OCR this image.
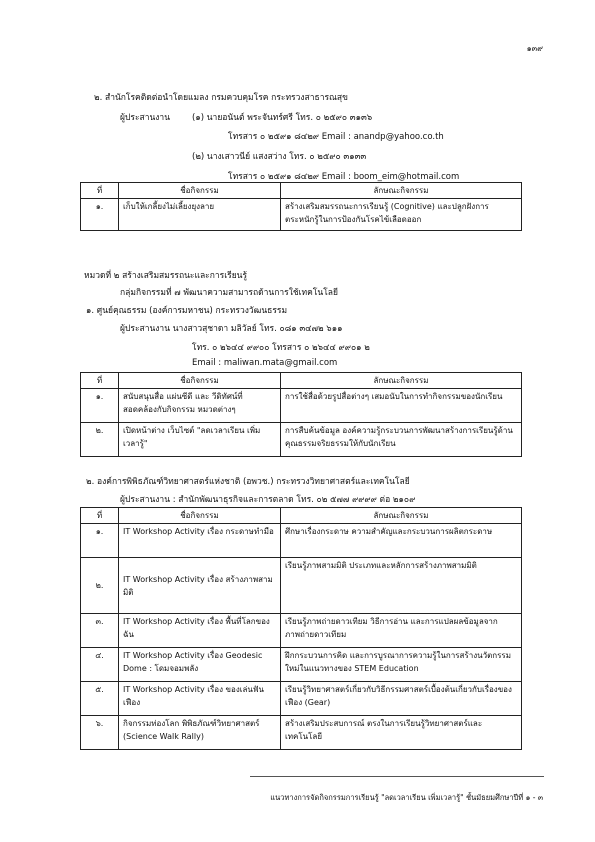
๑๓๙
๒. สำนักโรคติดต่อนำโดยแมลง กรมควบคุมโรค กระทรวงสาธารณสุข
ผู้ประสานงาน	(๑) นายอนันต์ พระจันทร์ศรี โทร. ๐ ๒๕๙๐ ๓๑๓๖
โทรสาร ๐ ๒๕๙๑ ๘๔๒๙ Email : anandp@yahoo.co.th
(๒) นางเสาวนีย์ แสงสว่าง โทร. ๐ ๒๕๙๐ ๓๑๓๓
โทรสาร ๐ ๒๕๙๑ ๘๔๒๙ Email : boom_eim@hotmail.com
ที่	ชื่อกิจกรรม	ลักษณะกิจกรรม
๑.	เก็บให้เกลี้ยงไม่เลี้ยงยุงลาย	สร้างเสริมสมรรถนะการเรียนรู้ (Cognitive) และปลูกฝังการตระหนักรู้ในการป้องกันโรคไข้เลือดออก
หมวดที่ ๒ สร้างเสริมสมรรถนะและการเรียนรู้
กลุ่มกิจกรรมที่ ๗ พัฒนาความสามารถด้านการใช้เทคโนโลยี
๑. ศูนย์คุณธรรม (องค์การมหาชน) กระทรวงวัฒนธรรม
ผู้ประสานงาน นางสาวสุชาดา มลิวัลย์ โทร. ๐๘๑ ๓๔๗๒ ๖๑๑
โทร. ๐ ๒๖๔๔ ๙๙๐๐ โทรสาร ๐ ๒๖๔๔ ๙๙๐๑ ๒
Email : maliwan.mata@gmail.com
ที่	ชื่อกิจกรรม	ลักษณะกิจกรรม
๑.	สนับสนุนสื่อ แผ่นซีดี และ วีดิทัศน์ที่สอดคล้องกับกิจกรรม หมวดต่างๆ	การใช้สื่อด้วยรูปสื่อต่างๆ เสมอนับในการทำกิจกรรมของนักเรียน
๒.	เปิดหน้าต่าง เว็บไซต์ "ลดเวลาเรียน เพิ่มเวลารู้"	การสืบค้นข้อมูล องค์ความรู้กระบวนการพัฒนาสร้างการเรียนรู้ด้านคุณธรรมจริยธรรมให้กับนักเรียน
๒. องค์การพิพิธภัณฑ์วิทยาศาสตร์แห่งชาติ (อพวช.) กระทรวงวิทยาศาสตร์และเทคโนโลยี
ผู้ประสานงาน : สำนักพัฒนาธุรกิจและการตลาด โทร. ๐๒ ๕๗๗ ๙๙๙๙ ต่อ ๒๑๐๙
ที่	ชื่อกิจกรรม	ลักษณะกิจกรรม
๑.	IT Workshop Activity เรื่อง กระดาษทำมือ	ศึกษาเรื่องกระดาษ ความสำคัญและกระบวนการผลิตกระดาษ
๒.	IT Workshop Activity เรื่อง สร้างภาพสามมิติ	เรียนรู้ภาพสามมิติ ประเภทและหลักการสร้างภาพสามมิติ
๓.	IT Workshop Activity เรื่อง พื้นที่โลกของฉัน	เรียนรู้ภาพถ่ายดาวเทียม วิธีการอ่าน และการแปลผลข้อมูลจากภาพถ่ายดาวเทียม
๔.	IT Workshop Activity เรื่อง Geodesic Dome : โดมจอมพลัง	ฝึกกระบวนการคิด และการบูรณาการความรู้ในการสร้างนวัตกรรมใหม่ในแนวทางของ STEM Education
๕.	IT Workshop Activity เรื่อง ของเล่นฟันเฟือง	เรียนรู้วิทยาศาสตร์เกี่ยวกับวิธีกรรมศาสตร์เบื้องต้นเกี่ยวกับเรื่องของเฟือง (Gear)
๖.	กิจกรรมท่องโลก พิพิธภัณฑ์วิทยาศาสตร์ (Science Walk Rally)	สร้างเสริมประสบการณ์ ตรงในการเรียนรู้วิทยาศาสตร์และเทคโนโลยี
แนวทางการจัดกิจกรรมการเรียนรู้ "ลดเวลาเรียน เพิ่มเวลารู้" ชั้นมัธยมศึกษาปีที่ ๑ - ๓
